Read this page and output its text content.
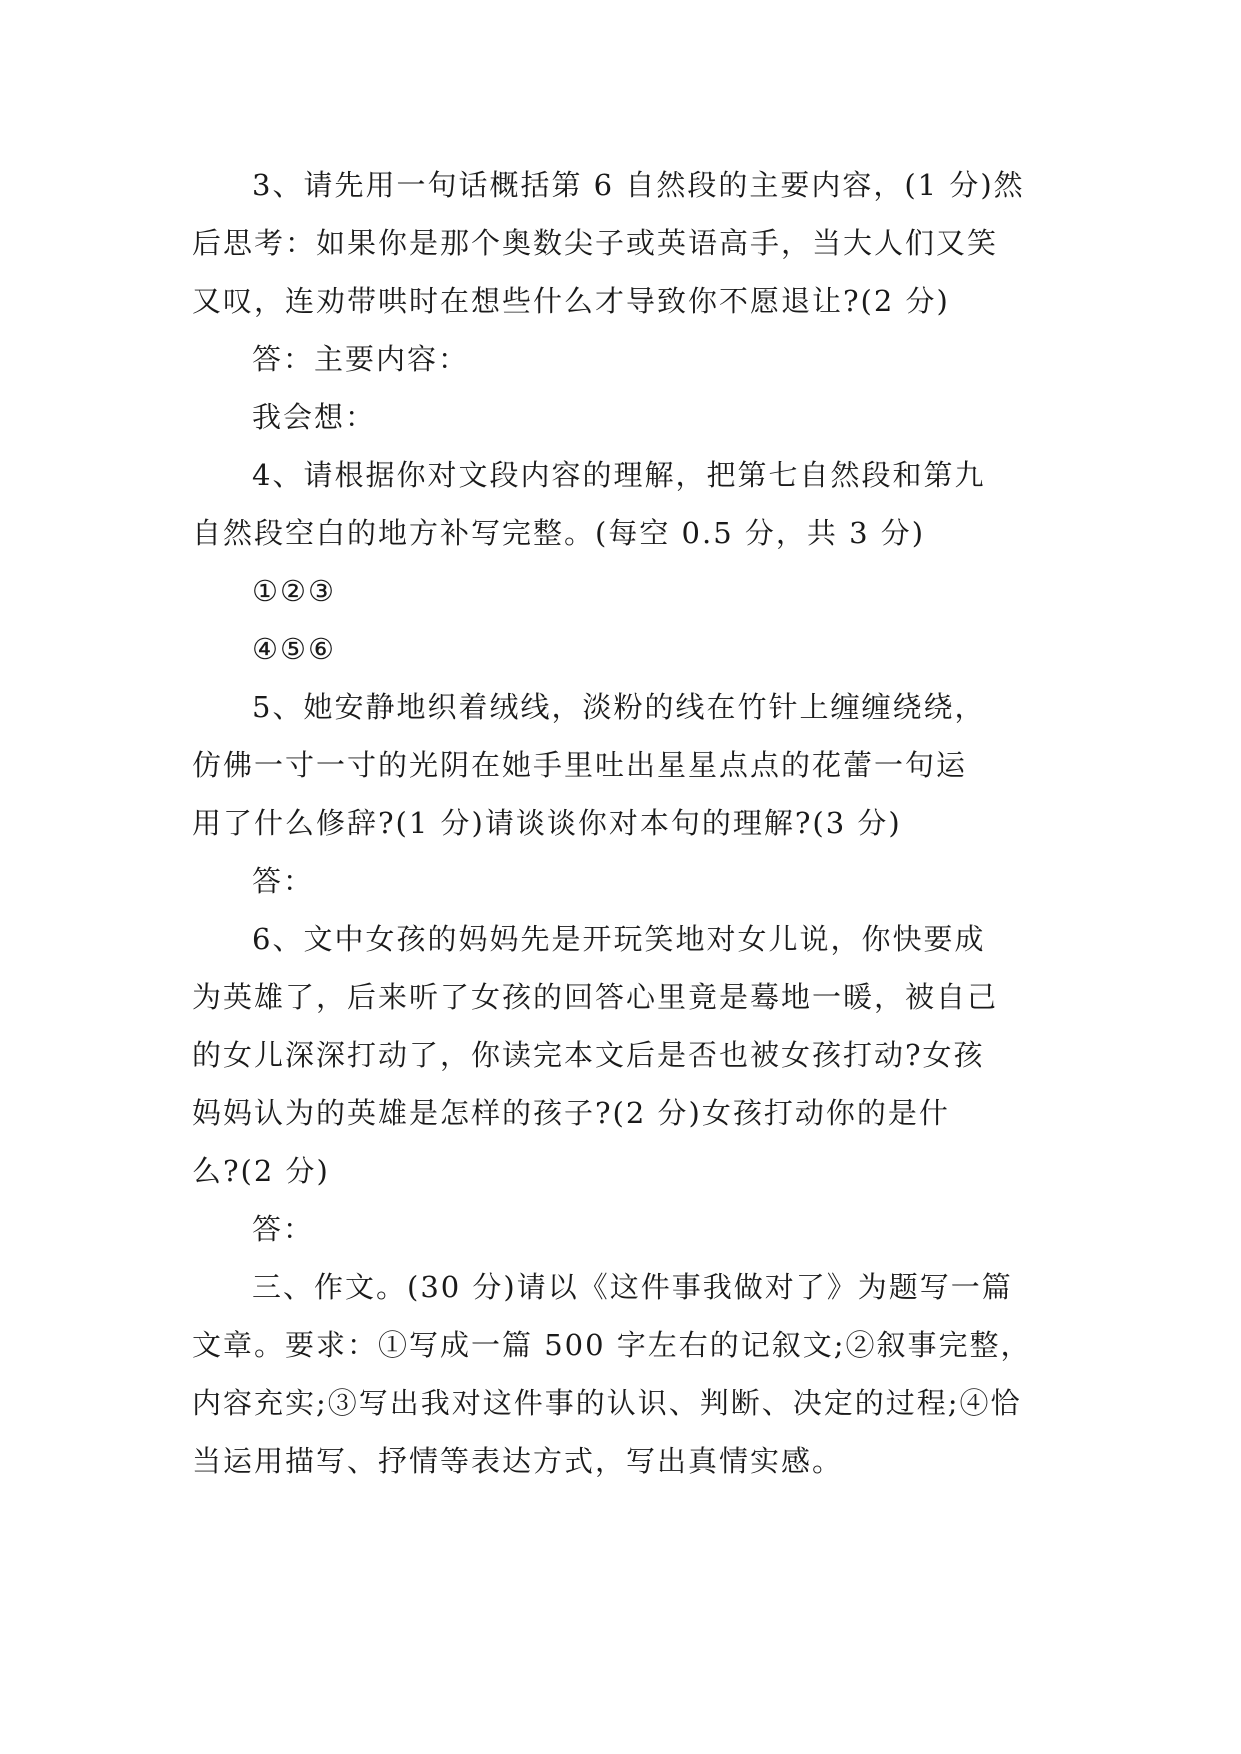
3、请先用一句话概括第 6 自然段的主要内容，(1 分)然

后思考：如果你是那个奥数尖子或英语高手，当大人们又笑
又叹，连劝带哄时在想些什么才导致你不愿退让?(2 分)

答：主要内容：

我会想：

4、请根据你对文段内容的理解，把第七自然段和第九

自然段空白的地方补写完整。(每空 0.5 分，共 3 分)

①②③

④⑤⑥

5、她安静地织着绒线，淡粉的线在竹针上缠缠绕绕，

仿佛一寸一寸的光阴在她手里吐出星星点点的花蕾一句运
用了什么修辞?(1 分)请谈谈你对本句的理解?(3 分)

答：

6、文中女孩的妈妈先是开玩笑地对女儿说，你快要成

为英雄了，后来听了女孩的回答心里竟是蓦地一暖，被自己
的女儿深深打动了，你读完本文后是否也被女孩打动?女孩
妈妈认为的英雄是怎样的孩子?(2 分)女孩打动你的是什
么?(2 分)

答：

三、作文。(30 分)请以《这件事我做对了》为题写一篇

文章。要求：①写成一篇 500 字左右的记叙文;②叙事完整，
内容充实;③写出我对这件事的认识、判断、决定的过程;④恰
当运用描写、抒情等表达方式，写出真情实感。
